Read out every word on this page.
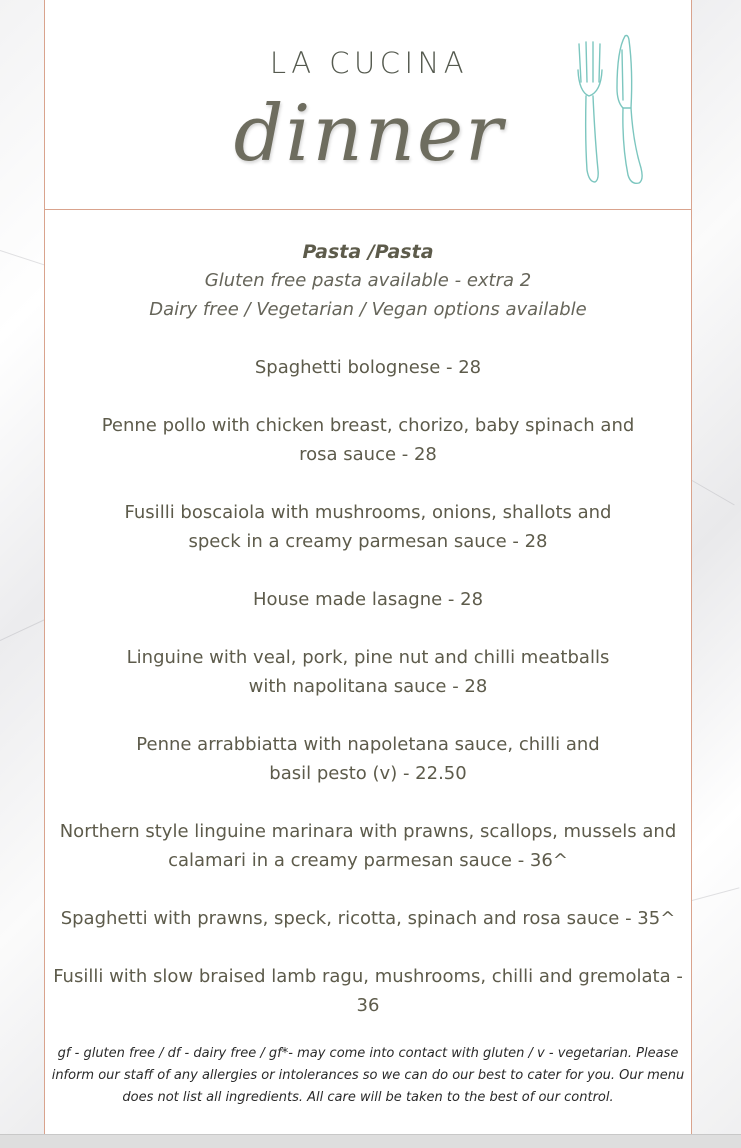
LA CUCINA
dinner
Pasta /Pasta
Gluten free pasta available - extra 2
Dairy free / Vegetarian / Vegan options available
Spaghetti bolognese - 28
Penne pollo with chicken breast, chorizo, baby spinach and rosa sauce - 28
Fusilli boscaiola with mushrooms, onions, shallots and speck in a creamy parmesan sauce - 28
House made lasagne - 28
Linguine with veal, pork, pine nut and chilli meatballs with napolitana sauce - 28
Penne arrabbiatta with napoletana sauce, chilli and basil pesto (v) - 22.50
Northern style linguine marinara with prawns, scallops, mussels and calamari in a creamy parmesan sauce - 36^
Spaghetti with prawns, speck, ricotta, spinach and rosa sauce - 35^
Fusilli with slow braised lamb ragu, mushrooms, chilli and gremolata - 36
gf - gluten free / df - dairy free / gf*- may come into contact with gluten / v - vegetarian. Please inform our staff of any allergies or intolerances so we can do our best to cater for you. Our menu does not list all ingredients. All care will be taken to the best of our control.
